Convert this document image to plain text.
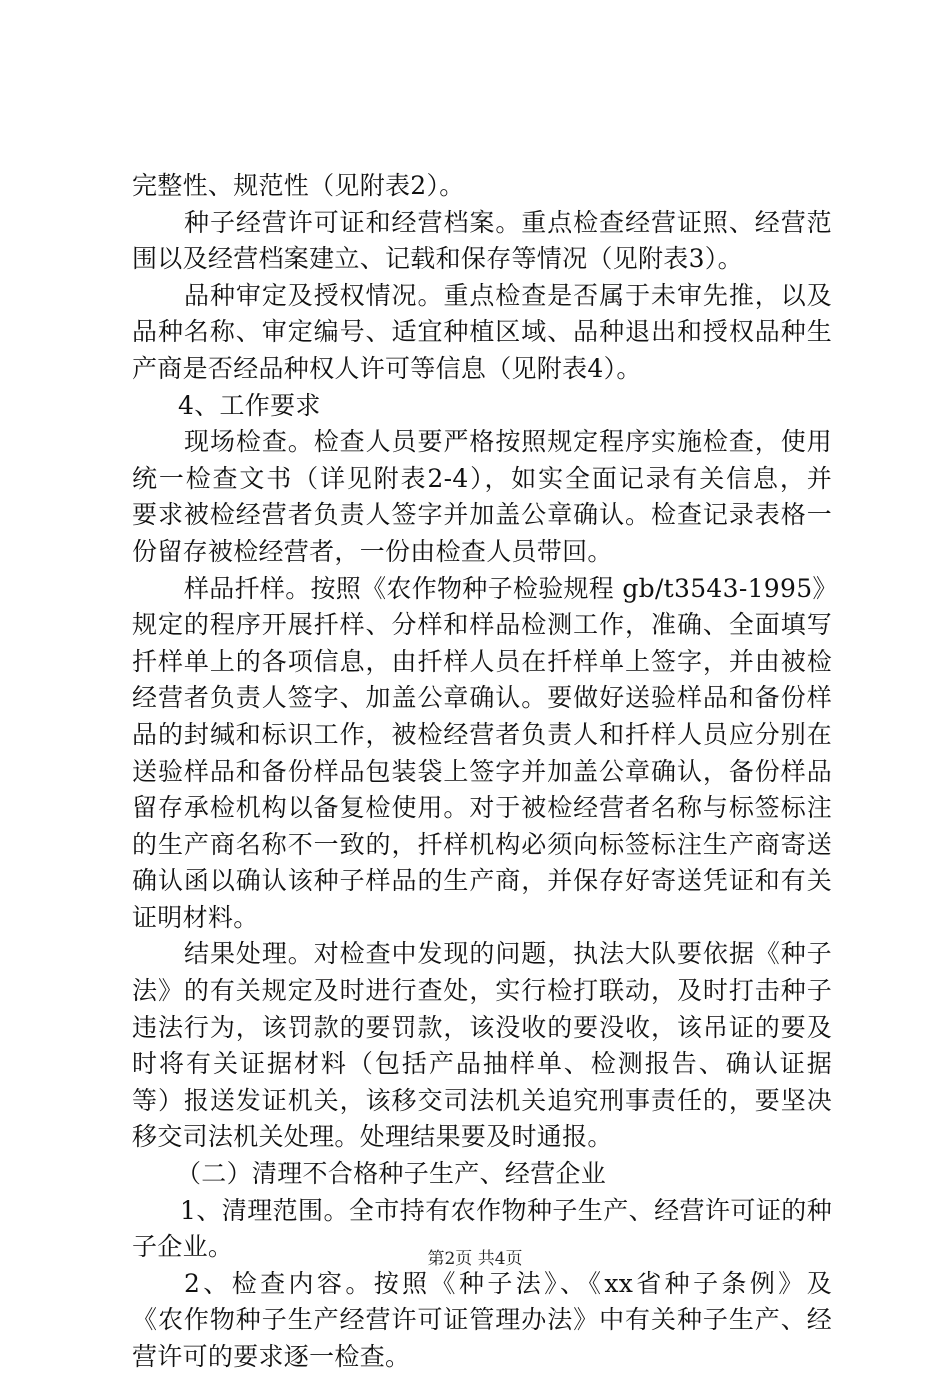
完整性、规范性（见附表2）。
种子经营许可证和经营档案。重点检查经营证照、经营范
围以及经营档案建立、记载和保存等情况（见附表3）。
品种审定及授权情况。重点检查是否属于未审先推，以及
品种名称、审定编号、适宜种植区域、品种退出和授权品种生
产商是否经品种权人许可等信息（见附表4）。
4、工作要求
现场检查。检查人员要严格按照规定程序实施检查，使用
统一检查文书（详见附表2-4），如实全面记录有关信息，并
要求被检经营者负责人签字并加盖公章确认。检查记录表格一
份留存被检经营者，一份由检查人员带回。
样品扦样。按照《农作物种子检验规程 gb/t3543-1995》
规定的程序开展扦样、分样和样品检测工作，准确、全面填写
扦样单上的各项信息，由扦样人员在扦样单上签字，并由被检
经营者负责人签字、加盖公章确认。要做好送验样品和备份样
品的封缄和标识工作，被检经营者负责人和扦样人员应分别在
送验样品和备份样品包装袋上签字并加盖公章确认，备份样品
留存承检机构以备复检使用。对于被检经营者名称与标签标注
的生产商名称不一致的，扦样机构必须向标签标注生产商寄送
确认函以确认该种子样品的生产商，并保存好寄送凭证和有关
证明材料。
结果处理。对检查中发现的问题，执法大队要依据《种子
法》的有关规定及时进行查处，实行检打联动，及时打击种子
违法行为，该罚款的要罚款，该没收的要没收，该吊证的要及
时将有关证据材料（包括产品抽样单、检测报告、确认证据
等）报送发证机关，该移交司法机关追究刑事责任的，要坚决
移交司法机关处理。处理结果要及时通报。
（二）清理不合格种子生产、经营企业
1、清理范围。全市持有农作物种子生产、经营许可证的种
子企业。
2、检查内容。按照《种子法》、《xx省种子条例》及
《农作物种子生产经营许可证管理办法》中有关种子生产、经
营许可的要求逐一检查。
第2页 共4页
